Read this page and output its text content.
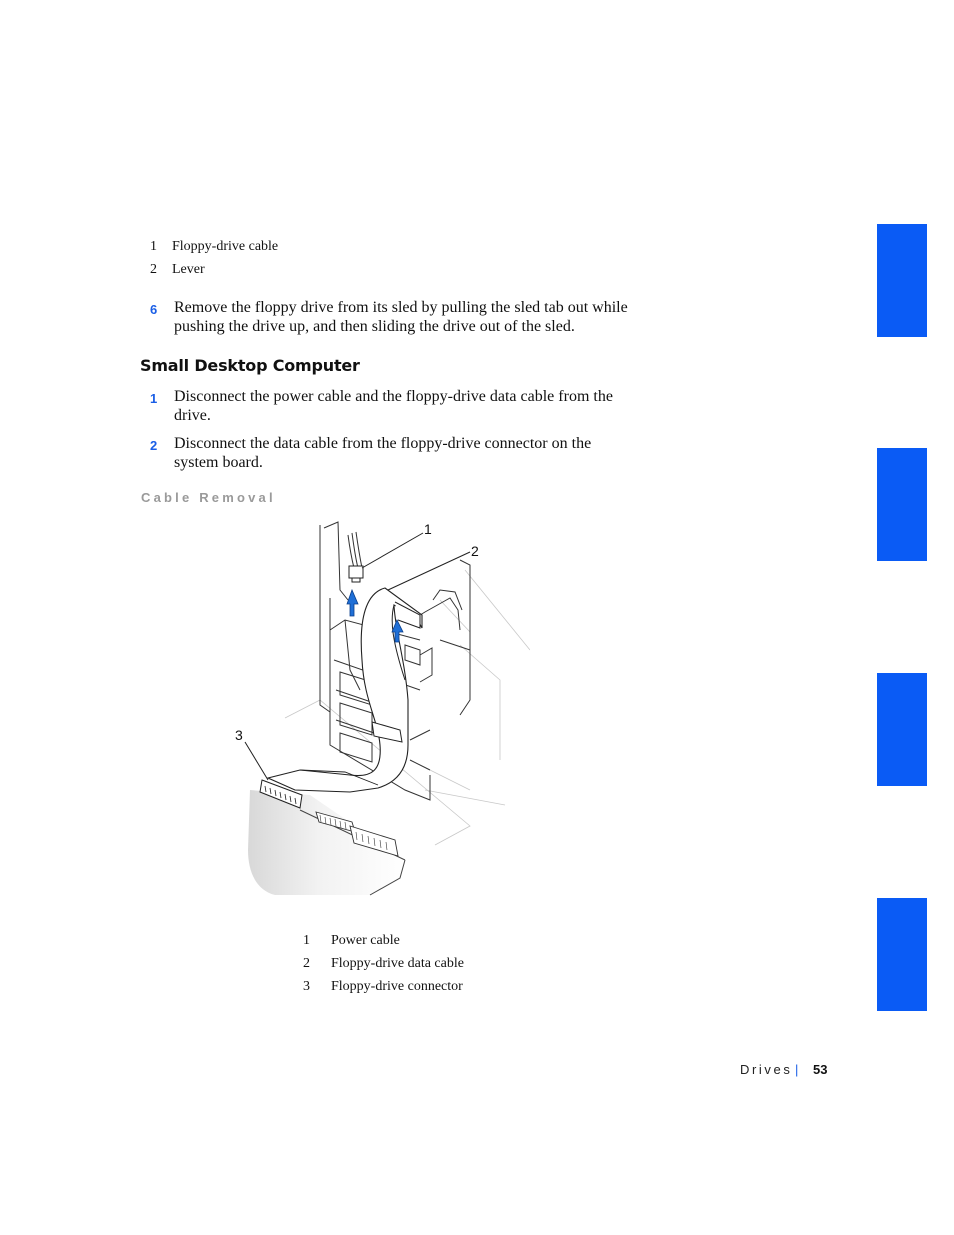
1 Floppy-drive cable
2 Lever
6 Remove the floppy drive from its sled by pulling the sled tab out while pushing the drive up, and then sliding the drive out of the sled.
Small Desktop Computer
1 Disconnect the power cable and the floppy-drive data cable from the drive.
2 Disconnect the data cable from the floppy-drive connector on the system board.
Cable Removal
1
2
3
1 Power cable
2 Floppy-drive data cable
3 Floppy-drive connector
Drives | 53
